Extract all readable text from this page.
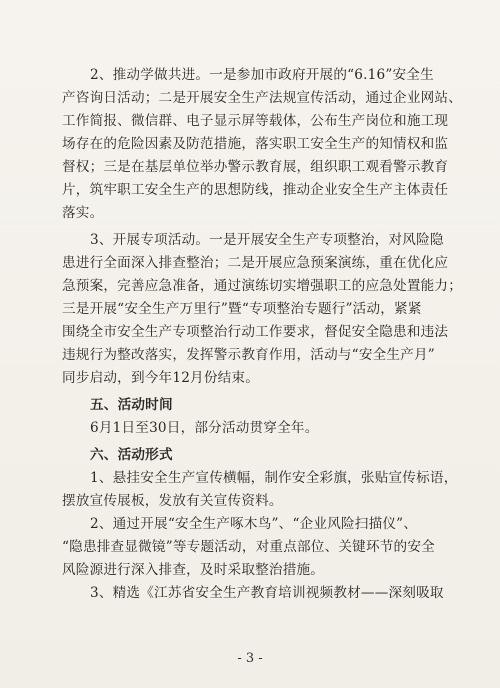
2、推动学做共进。一是参加市政府开展的“6.16”安全生
产咨询日活动；二是开展安全生产法规宣传活动，通过企业网站、
工作简报、微信群、电子显示屏等载体，公布生产岗位和施工现
场存在的危险因素及防范措施，落实职工安全生产的知情权和监
督权；三是在基层单位举办警示教育展，组织职工观看警示教育
片，筑牢职工安全生产的思想防线，推动企业安全生产主体责任
落实。
3、开展专项活动。一是开展安全生产专项整治，对风险隐
患进行全面深入排查整治；二是开展应急预案演练，重在优化应
急预案，完善应急准备，通过演练切实增强职工的应急处置能力；
三是开展“安全生产万里行”暨“专项整治专题行”活动，紧紧
围绕全市安全生产专项整治行动工作要求，督促安全隐患和违法
违规行为整改落实，发挥警示教育作用，活动与“安全生产月”
同步启动，到今年12月份结束。
五、活动时间
6月1日至30日，部分活动贯穿全年。
六、活动形式
1、悬挂安全生产宣传横幅，制作安全彩旗，张贴宣传标语，
摆放宣传展板，发放有关宣传资料。
2、通过开展“安全生产啄木鸟”、“企业风险扫描仪”、
“隐患排查显微镜”等专题活动，对重点部位、关键环节的安全
风险源进行深入排查，及时采取整治措施。
3、精选《江苏省安全生产教育培训视频教材——深刻吸取
- 3 -
